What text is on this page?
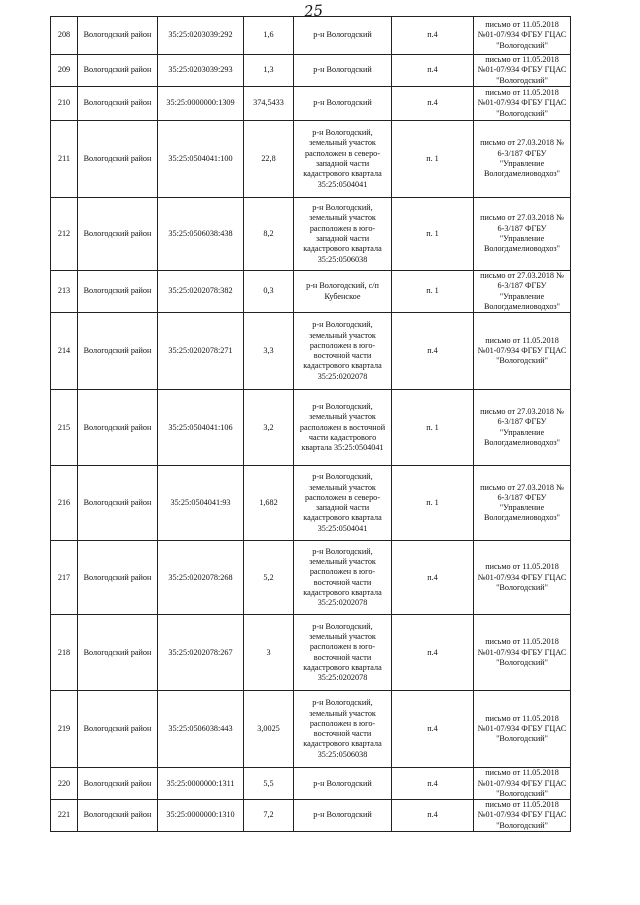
25
208	Вологодский район	35:25:0203039:292	1,6	р-н Вологодский	п.4	письмо от 11.05.2018 №01-07/934 ФГБУ ГЦАС "Вологодский"
209	Вологодский район	35:25:0203039:293	1,3	р-н Вологодский	п.4	письмо от 11.05.2018 №01-07/934 ФГБУ ГЦАС "Вологодский"
210	Вологодский район	35:25:0000000:1309	374,5433	р-н Вологодский	п.4	письмо от 11.05.2018 №01-07/934 ФГБУ ГЦАС "Вологодский"
211	Вологодский район	35:25:0504041:100	22,8	р-н Вологодский, земельный участок расположен в северо-западной части кадастрового квартала 35:25:0504041	п. 1	письмо от 27.03.2018 № 6-3/187 ФГБУ "Управление Вологдамелиоводхоз"
212	Вологодский район	35:25:0506038:438	8,2	р-н Вологодский, земельный участок расположен в юго-западной части кадастрового квартала 35:25:0506038	п. 1	письмо от 27.03.2018 № 6-3/187 ФГБУ "Управление Вологдамелиоводхоз"
213	Вологодский район	35:25:0202078:382	0,3	р-н Вологодский, с/п Кубенское	п. 1	письмо от 27.03.2018 № 6-3/187 ФГБУ "Управление Вологдамелиоводхоз"
214	Вологодский район	35:25:0202078:271	3,3	р-н Вологодский, земельный участок расположен в юго-восточной части кадастрового квартала 35:25:0202078	п.4	письмо от 11.05.2018 №01-07/934 ФГБУ ГЦАС "Вологодский"
215	Вологодский район	35:25:0504041:106	3,2	р-н Вологодский, земельный участок расположен в восточной части кадастрового квартала 35:25:0504041	п. 1	письмо от 27.03.2018 № 6-3/187 ФГБУ "Управление Вологдамелиоводхоз"
216	Вологодский район	35:25:0504041:93	1,682	р-н Вологодский, земельный участок расположен в северо-западной части кадастрового квартала 35:25:0504041	п. 1	письмо от 27.03.2018 № 6-3/187 ФГБУ "Управление Вологдамелиоводхоз"
217	Вологодский район	35:25:0202078:268	5,2	р-н Вологодский, земельный участок расположен в юго-восточной части кадастрового квартала 35:25:0202078	п.4	письмо от 11.05.2018 №01-07/934 ФГБУ ГЦАС "Вологодский"
218	Вологодский район	35:25:0202078:267	3	р-н Вологодский, земельный участок расположен в юго-восточной части кадастрового квартала 35:25:0202078	п.4	письмо от 11.05.2018 №01-07/934 ФГБУ ГЦАС "Вологодский"
219	Вологодский район	35:25:0506038:443	3,0025	р-н Вологодский, земельный участок расположен в юго-восточной части кадастрового квартала 35:25:0506038	п.4	письмо от 11.05.2018 №01-07/934 ФГБУ ГЦАС "Вологодский"
220	Вологодский район	35:25:0000000:1311	5,5	р-н Вологодский	п.4	письмо от 11.05.2018 №01-07/934 ФГБУ ГЦАС "Вологодский"
221	Вологодский район	35:25:0000000:1310	7,2	р-н Вологодский	п.4	письмо от 11.05.2018 №01-07/934 ФГБУ ГЦАС "Вологодский"
